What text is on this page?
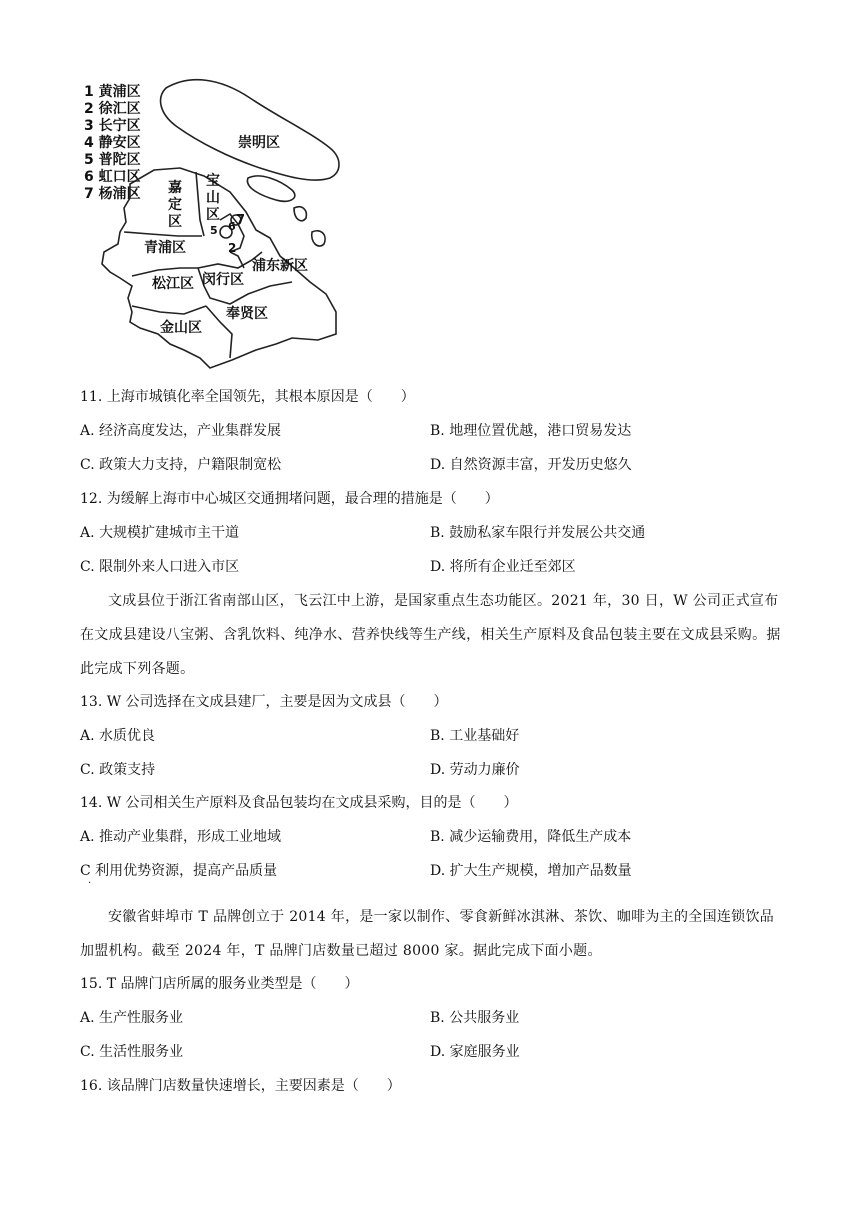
崇明区
宝
山
区
嘉
定
区
青浦区
浦东新区
松江区 闵行区
奉贤区
金山区
7
6
5
2
1 黄浦区
2 徐汇区
3 长宁区
4 静安区
5 普陀区
6 虹口区
7 杨浦区
11. 上海市城镇化率全国领先，其根本原因是（　　）
A. 经济高度发达，产业集群发展	B. 地理位置优越，港口贸易发达
C. 政策大力支持，户籍限制宽松	D. 自然资源丰富，开发历史悠久
12. 为缓解上海市中心城区交通拥堵问题，最合理的措施是（　　）
A. 大规模扩建城市主干道	B. 鼓励私家车限行并发展公共交通
C. 限制外来人口进入市区	D. 将所有企业迁至郊区
文成县位于浙江省南部山区，飞云江中上游，是国家重点生态功能区。2021 年，30 日，W 公司正式宣布在文成县建设八宝粥、含乳饮料、纯净水、营养快线等生产线，相关生产原料及食品包装主要在文成县采购。据此完成下列各题。
13. W 公司选择在文成县建厂，主要是因为文成县（　　）
A. 水质优良	B. 工业基础好
C. 政策支持	D. 劳动力廉价
14. W 公司相关生产原料及食品包装均在文成县采购，目的是（　　）
A. 推动产业集群，形成工业地域	B. 减少运输费用，降低生产成本
C 利用优势资源，提高产品质量	D. 扩大生产规模，增加产品数量
·
安徽省蚌埠市 T 品牌创立于 2014 年，是一家以制作、零食新鲜冰淇淋、茶饮、咖啡为主的全国连锁饮品加盟机构。截至 2024 年，T 品牌门店数量已超过 8000 家。据此完成下面小题。
15. T 品牌门店所属的服务业类型是（　　）
A. 生产性服务业	B. 公共服务业
C. 生活性服务业	D. 家庭服务业
16. 该品牌门店数量快速增长，主要因素是（　　）
